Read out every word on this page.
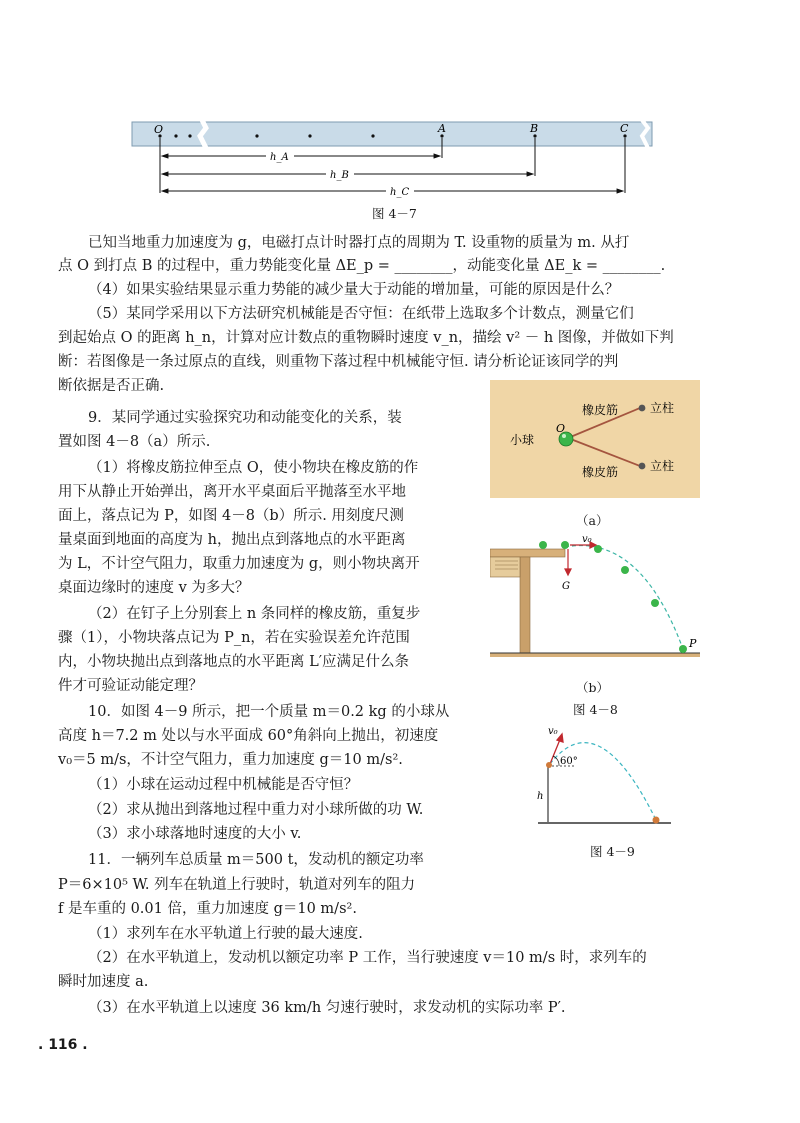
O	A	B	C
h_A
h_B
h_C
图 4－7
已知当地重力加速度为 g，电磁打点计时器打点的周期为 T. 设重物的质量为 m. 从打
点 O 到打点 B 的过程中，重力势能变化量 ΔE_p = ________，动能变化量 ΔE_k = ________.
（4）如果实验结果显示重力势能的减少量大于动能的增加量，可能的原因是什么？
（5）某同学采用以下方法研究机械能是否守恒：在纸带上选取多个计数点，测量它们
到起始点 O 的距离 h_n，计算对应计数点的重物瞬时速度 v_n，描绘 v² － h 图像，并做如下判
断：若图像是一条过原点的直线，则重物下落过程中机械能守恒. 请分析论证该同学的判
断依据是否正确.
9．某同学通过实验探究功和动能变化的关系，装
置如图 4－8（a）所示.
（1）将橡皮筋拉伸至点 O，使小物块在橡皮筋的作
用下从静止开始弹出，离开水平桌面后平抛落至水平地
面上，落点记为 P，如图 4－8（b）所示. 用刻度尺测
量桌面到地面的高度为 h，抛出点到落地点的水平距离
为 L，不计空气阻力，取重力加速度为 g，则小物块离开
桌面边缘时的速度 v 为多大？
（2）在钉子上分别套上 n 条同样的橡皮筋，重复步
骤（1），小物块落点记为 P_n，若在实验误差允许范围
内，小物块抛出点到落地点的水平距离 L′应满足什么条
件才可验证动能定理？
10．如图 4－9 所示，把一个质量 m＝0.2 kg 的小球从
高度 h＝7.2 m 处以与水平面成 60°角斜向上抛出，初速度
v₀＝5 m/s，不计空气阻力，重力加速度 g＝10 m/s².
（1）小球在运动过程中机械能是否守恒？
（2）求从抛出到落地过程中重力对小球所做的功 W.
（3）求小球落地时速度的大小 v.
11．一辆列车总质量 m＝500 t，发动机的额定功率
P＝6×10⁵ W. 列车在轨道上行驶时，轨道对列车的阻力
f 是车重的 0.01 倍，重力加速度 g＝10 m/s².
（1）求列车在水平轨道上行驶的最大速度.
（2）在水平轨道上，发动机以额定功率 P 工作，当行驶速度 v＝10 m/s 时，求列车的
瞬时加速度 a.
（3）在水平轨道上以速度 36 km/h 匀速行驶时，求发动机的实际功率 P′.
小球
O
橡皮筋
橡皮筋
立柱
立柱
（a）
v₀
G
P
（b）
图 4－8
v₀
60°
h
图 4－9
. 116 .
